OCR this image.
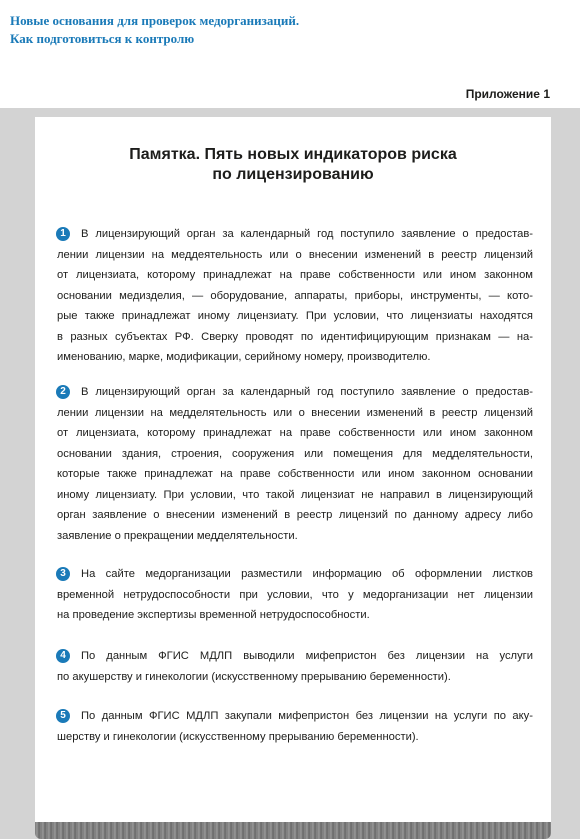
Новые основания для проверок медорганизаций.
Как подготовиться к контролю
Приложение 1
Памятка. Пять новых индикаторов риска
по лицензированию
1	В лицензирующий орган за календарный год поступило заявление о предостав-
лении лицензии на меддеятельность или о внесении изменений в реестр лицензий
от лицензиата, которому принадлежат на праве собственности или ином законном
основании медизделия, — оборудование, аппараты, приборы, инструменты, — кото-
рые также принадлежат иному лицензиату. При условии, что лицензиаты находятся
в разных субъектах РФ. Сверку проводят по идентифицирующим признакам — на-
именованию, марке, модификации, серийному номеру, производителю.
2	В лицензирующий орган за календарный год поступило заявление о предостав-
лении лицензии на медделятельность или о внесении изменений в реестр лицензий
от лицензиата, которому принадлежат на праве собственности или ином законном
основании здания, строения, сооружения или помещения для медделятельности,
которые также принадлежат на праве собственности или ином законном основании
иному лицензиату. При условии, что такой лицензиат не направил в лицензирующий
орган заявление о внесении изменений в реестр лицензий по данному адресу либо
заявление о прекращении медделятельности.
3	На сайте медорганизации разместили информацию об оформлении листков
временной нетрудоспособности при условии, что у медорганизации нет лицензии
на проведение экспертизы временной нетрудоспособности.
4	По данным ФГИС МДЛП выводили мифепристон без лицензии на услуги
по акушерству и гинекологии (искусственному прерыванию беременности).
5	По данным ФГИС МДЛП закупали мифепристон без лицензии на услуги по аку-
шерству и гинекологии (искусственному прерыванию беременности).
